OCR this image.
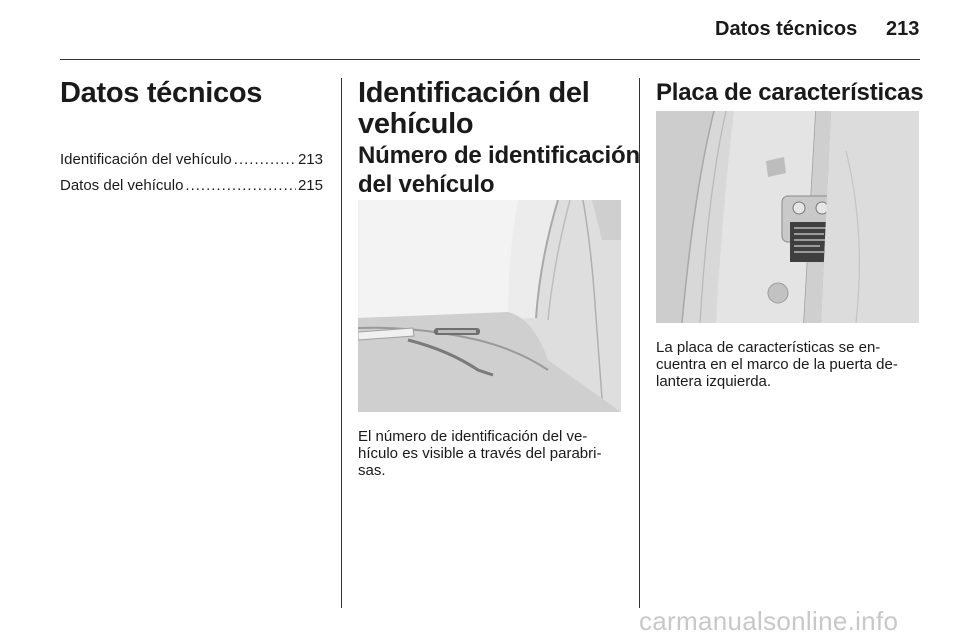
Datos técnicos 213
Datos técnicos
Identificación del vehículo .....	213
Datos del vehículo .....	215
Identificación del
vehículo
Número de identificación
del vehículo
El número de identificación del ve-
hículo es visible a través del parabri-
sas.
Placa de características
La placa de características se en-
cuentra en el marco de la puerta de-
lantera izquierda.
carmanualsonline.info
